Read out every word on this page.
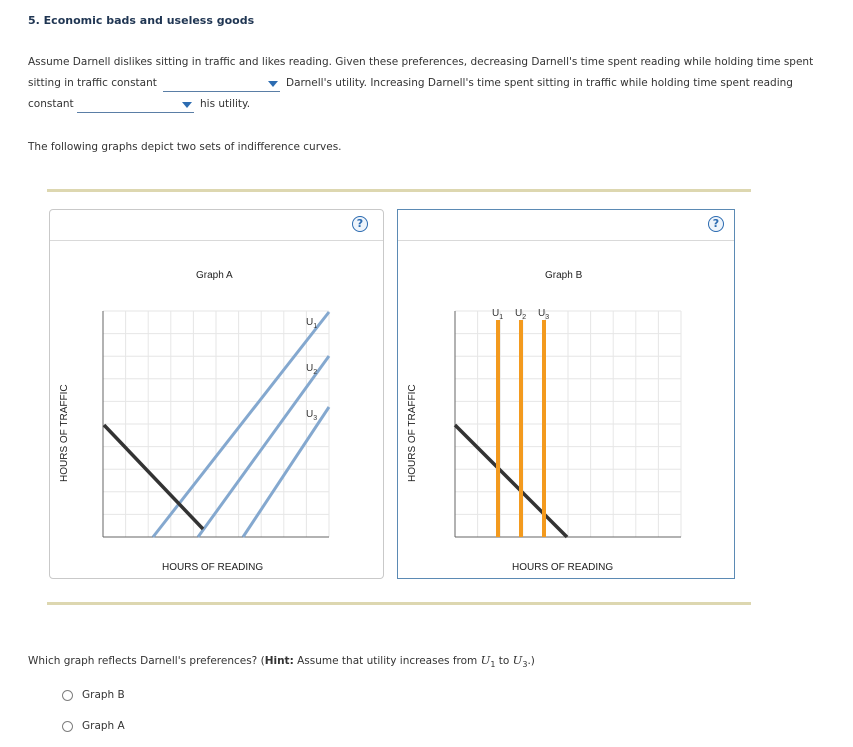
5. Economic bads and useless goods
Assume Darnell dislikes sitting in traffic and likes reading. Given these preferences, decreasing Darnell's time spent reading while holding time spent
sitting in traffic constant	Darnell's utility. Increasing Darnell's time spent sitting in traffic while holding time spent reading
constant	his utility.
The following graphs depict two sets of indifference curves.
?
Graph A
HOURS OF TRAFFIC
HOURS OF READING
$U_1$
$U_2$
$U_3$
?
Graph B
HOURS OF TRAFFIC
HOURS OF READING
$U_1$ $U_2$ $U_3$
Which graph reflects Darnell's preferences? (Hint: Assume that utility increases from $U_1$ to $U_3$.)
Graph B
Graph A
